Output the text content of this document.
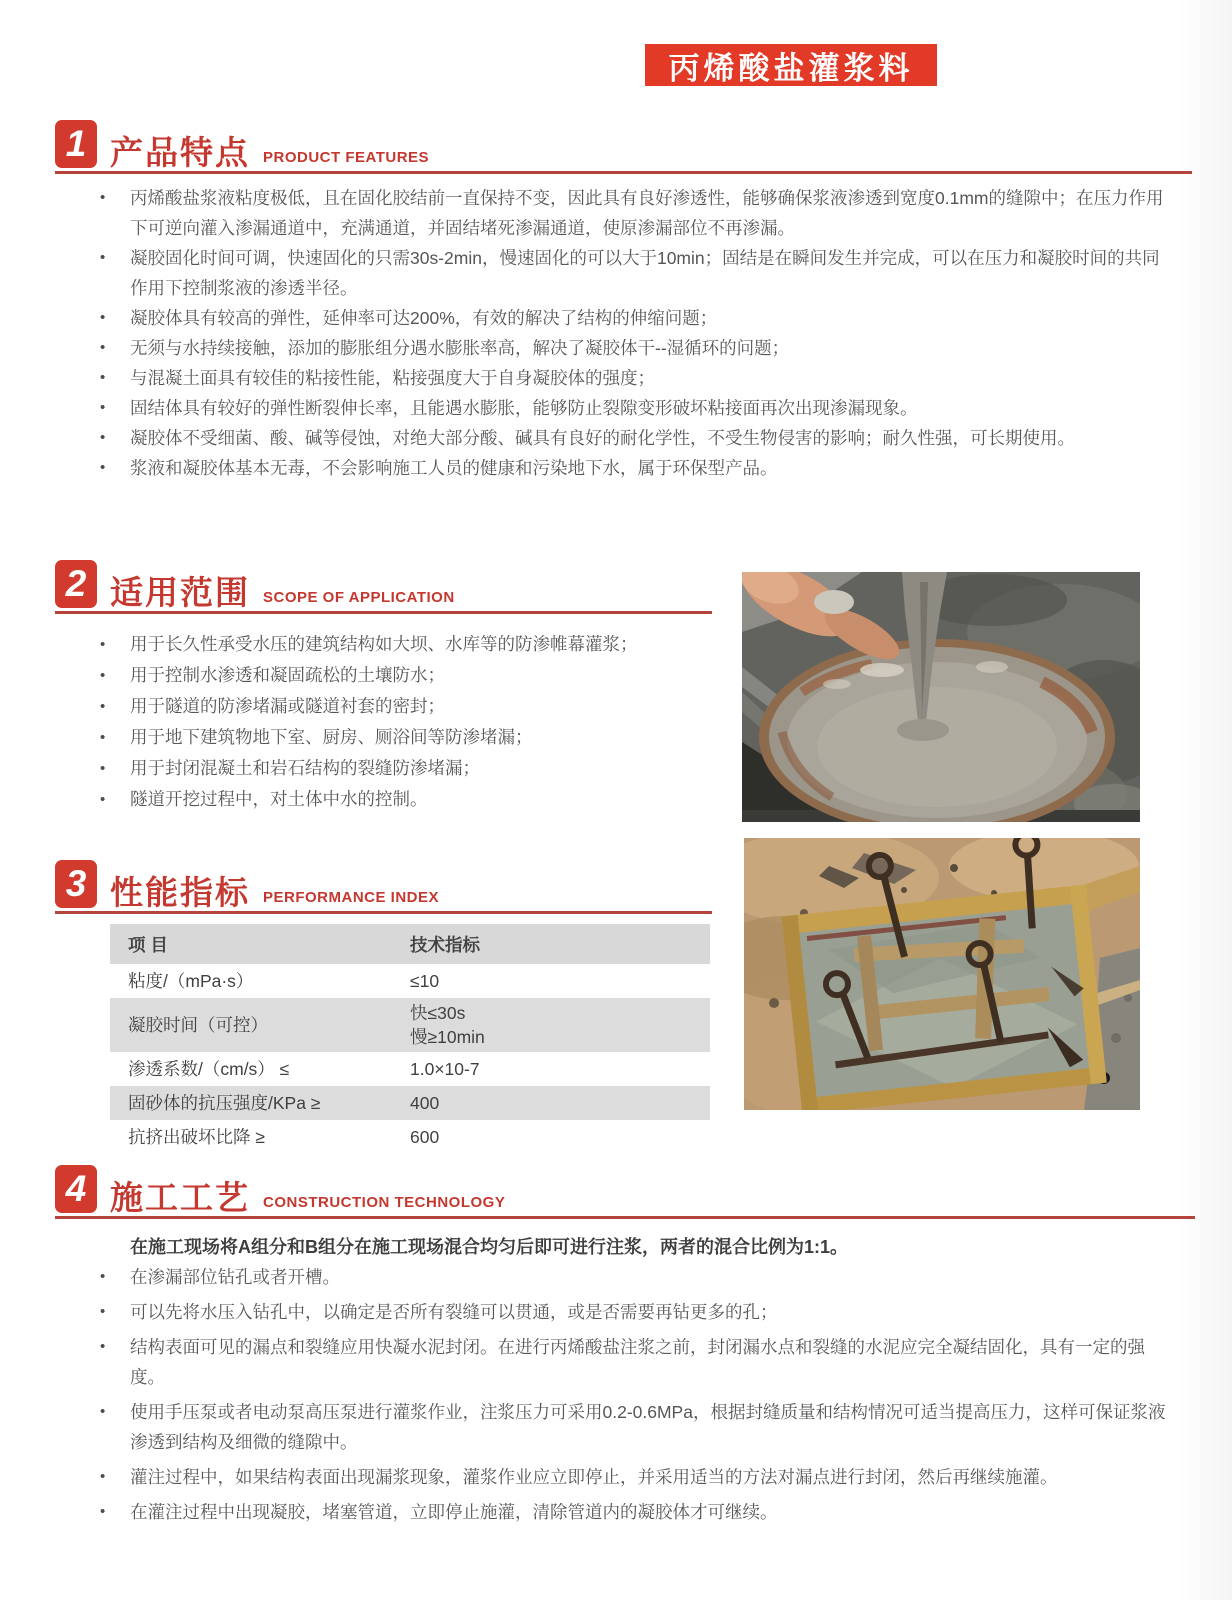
丙烯酸盐灌浆料
1 产品特点 PRODUCT FEATURES
•	丙烯酸盐浆液粘度极低，且在固化胶结前一直保持不变，因此具有良好渗透性，能够确保浆液渗透到宽度0.1mm的缝隙中；在压力作用下可逆向灌入渗漏通道中，充满通道，并固结堵死渗漏通道，使原渗漏部位不再渗漏。
•	凝胶固化时间可调，快速固化的只需30s-2min，慢速固化的可以大于10min；固结是在瞬间发生并完成，可以在压力和凝胶时间的共同作用下控制浆液的渗透半径。
•	凝胶体具有较高的弹性，延伸率可达200%，有效的解决了结构的伸缩问题；
•	无须与水持续接触，添加的膨胀组分遇水膨胀率高，解决了凝胶体干--湿循环的问题；
•	与混凝土面具有较佳的粘接性能，粘接强度大于自身凝胶体的强度；
•	固结体具有较好的弹性断裂伸长率，且能遇水膨胀，能够防止裂隙变形破坏粘接面再次出现渗漏现象。
•	凝胶体不受细菌、酸、碱等侵蚀，对绝大部分酸、碱具有良好的耐化学性，不受生物侵害的影响；耐久性强，可长期使用。
•	浆液和凝胶体基本无毒，不会影响施工人员的健康和污染地下水，属于环保型产品。
2 适用范围 SCOPE OF APPLICATION
•	用于长久性承受水压的建筑结构如大坝、水库等的防渗帷幕灌浆；
•	用于控制水渗透和凝固疏松的土壤防水；
•	用于隧道的防渗堵漏或隧道衬套的密封；
•	用于地下建筑物地下室、厨房、厕浴间等防渗堵漏；
•	用于封闭混凝土和岩石结构的裂缝防渗堵漏；
•	隧道开挖过程中，对土体中水的控制。
3 性能指标 PERFORMANCE INDEX
项 目	技术指标

粘度/（mPa·s）	≤10

凝胶时间（可控）	快≤30s
慢≥10min

渗透系数/（cm/s） ≤	1.0×10-7

固砂体的抗压强度/KPa ≥	400

抗挤出破坏比降 ≥	600
4 施工工艺 CONSTRUCTION TECHNOLOGY
在施工现场将A组分和B组分在施工现场混合均匀后即可进行注浆，两者的混合比例为1:1。
•	在渗漏部位钻孔或者开槽。
•	可以先将水压入钻孔中，以确定是否所有裂缝可以贯通，或是否需要再钻更多的孔；
•	结构表面可见的漏点和裂缝应用快凝水泥封闭。在进行丙烯酸盐注浆之前，封闭漏水点和裂缝的水泥应完全凝结固化，具有一定的强度。
•	使用手压泵或者电动泵高压泵进行灌浆作业，注浆压力可采用0.2-0.6MPa，根据封缝质量和结构情况可适当提高压力，这样可保证浆液渗透到结构及细微的缝隙中。
•	灌注过程中，如果结构表面出现漏浆现象，灌浆作业应立即停止，并采用适当的方法对漏点进行封闭，然后再继续施灌。
•	在灌注过程中出现凝胶，堵塞管道，立即停止施灌，清除管道内的凝胶体才可继续。
